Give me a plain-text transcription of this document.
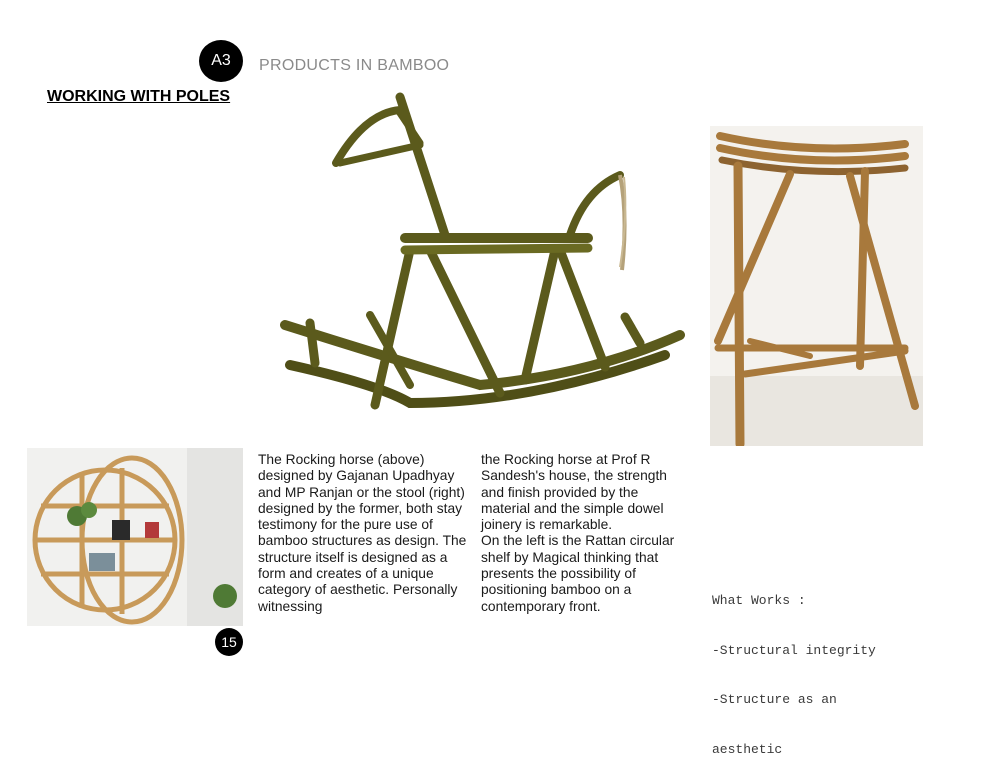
A3 PRODUCTS IN BAMBOO
WORKING WITH POLES

The Rocking horse (above) designed by Gajanan Upadhyay and MP Ranjan or the stool (right) designed by the former, both stay testimony for the pure use of bamboo structures as design. The structure itself is designed as a form and creates of a unique category of aesthetic. Personally witnessing

the Rocking horse at Prof R Sandesh's house, the strength and finish provided by the material and the simple dowel joinery is remarkable.
On the left is the Rattan circular shelf by Magical thinking that presents the possibility of positioning bamboo on a contemporary front.

	What Works :

-Structural integrity

-Structure as an

aesthetic

15
